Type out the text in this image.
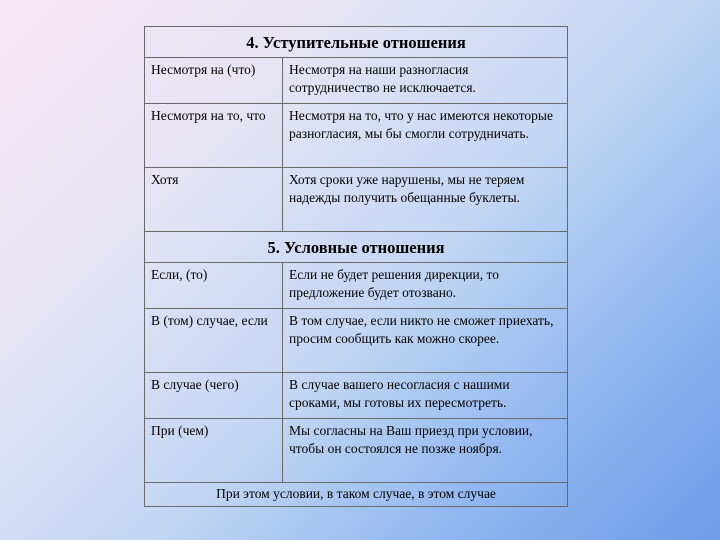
4. Уступительные отношения	
Несмотря на (что)	Несмотря на наши разногласия сотрудничество не исключается.
Несмотря на то, что	Несмотря на то, что у нас имеются некоторые разногласия, мы бы смогли сотрудничать.
Хотя	Хотя сроки уже нарушены, мы не теряем надежды получить обещанные буклеты.
5. Условные отношения	
Если, (то)	Если не будет решения дирекции, то предложение будет отозвано.
В (том) случае, если	В том случае, если никто не сможет приехать, просим сообщить как можно скорее.
В случае (чего)	В случае вашего несогласия с нашими сроками, мы готовы их пересмотреть.
При (чем)	Мы согласны на Ваш приезд при условии, чтобы он состоялся не позже ноября.
При этом условии, в таком случае, в этом случае	
